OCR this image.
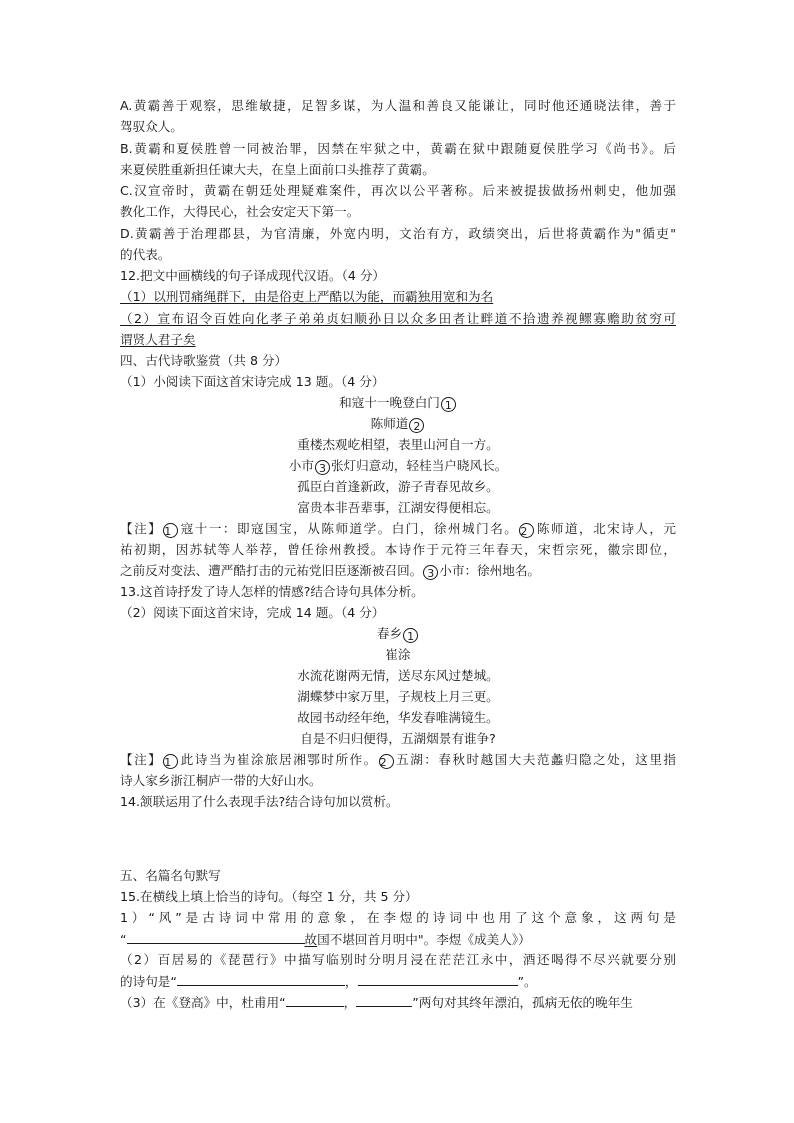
A.黄霸善于观察，思维敏捷，足智多谋，为人温和善良又能谦让，同时他还通晓法律，善于
驾驭众人。
B.黄霸和夏侯胜曾一同被治罪，因禁在牢狱之中，黄霸在狱中跟随夏侯胜学习《尚书》。后
来夏侯胜重新担任谏大夫，在皇上面前口头推荐了黄霸。
C.汉宣帝时，黄霸在朝廷处理疑难案件，再次以公平著称。后来被提拔做扬州刺史，他加强
教化工作，大得民心，社会安定天下第一。
D.黄霸善于治理郡县，为官清廉，外宽内明，文治有方，政绩突出，后世将黄霸作为"循吏"
的代表。
12.把文中画横线的句子译成现代汉语。（4 分）
（1）以刑罚痛绳群下，由是俗吏上严酷以为能，而霸独用宽和为名
（2）宣布诏令百姓向化孝子弟弟贞妇顺孙日以众多田者让畔道不拾遗养视鳏寡赡助贫穷可
谓贤人君子矣
四、古代诗歌鉴赏（共 8 分）
（1）小阅读下面这首宋诗完成 13 题。（4 分）
和寇十一晚登白门 1
陈师道 2
重楼杰观屹相望，表里山河自一方。
小市 3 张灯归意动，轻桂当户晓风长。
孤臣白首逢新政，游子青春见故乡。
富贵本非吾辈事，江湖安得便相忘。
【注】 1 寇十一：即寇国宝，从陈师道学。白门，徐州城门名。 2 陈师道，北宋诗人，元
祐初期，因苏轼等人举荐，曾任徐州教授。本诗作于元符三年春天，宋哲宗死，徽宗即位，
之前反对变法、遭严酷打击的元祐党旧臣逐渐被召回。 3 小市：徐州地名。
13.这首诗抒发了诗人怎样的情感?结合诗句具体分析。
（2）阅读下面这首宋诗，完成 14 题。（4 分）
春乡 1
崔涂
水流花谢两无情，送尽东风过楚城。
湖蝶梦中家万里，子规枝上月三更。
故园书动经年绝，华发春唯满镜生。
自是不归归便得，五湖烟景有谁争?
【注】 1 此诗当为崔涂旅居湘鄂时所作。 2 五湖：春秋时越国大夫范蠡归隐之处，这里指
诗人家乡浙江桐庐一带的大好山水。
14.颔联运用了什么表现手法?结合诗句加以赏析。
五、名篇名句默写
15.在横线上填上恰当的诗句。（每空 1 分，共 5 分）
1）“风”是古诗词中常用的意象，在李煜的诗词中也用了这个意象，这两句是
“	故国不堪回首月明中"。李煜《成美人》）
（2）百居易的《琵琶行》中描写临别时分明月浸在茫茫江永中，酒还喝得不尽兴就要分别
的诗句是“	，	”。
（3）在《登高》中，杜甫用“	，	”两句对其终年漂泊，孤病无依的晚年生
